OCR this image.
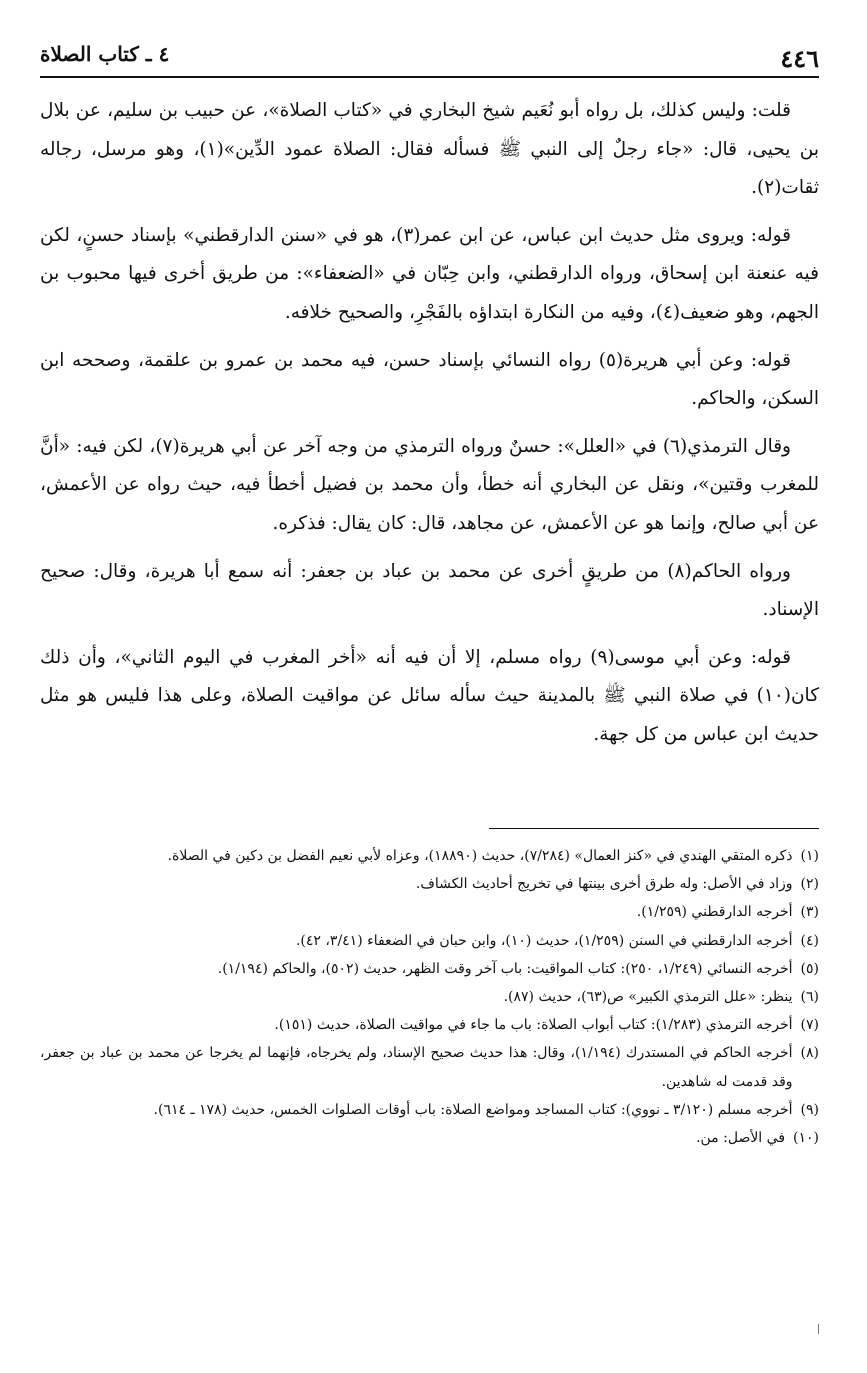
٤٤٦
٤ ـ كتاب الصلاة

قلت: وليس كذلك، بل رواه أبو نُعَيم شيخ البخاري في «كتاب الصلاة»، عن حبيب بن سليم، عن بلال بن يحيى، قال: «جاء رجلٌ إلى النبي ﷺ فسأله فقال: الصلاة عمود الدِّين»(١)، وهو مرسل، رجاله ثقات(٢).

قوله: ويروى مثل حديث ابن عباس، عن ابن عمر(٣)، هو في «سنن الدارقطني» بإسناد حسنٍ، لكن فيه عنعنة ابن إسحاق، ورواه الدارقطني، وابن حِبّان في «الضعفاء»: من طريق أخرى فيها محبوب بن الجهم، وهو ضعيف(٤)، وفيه من النكارة ابتداؤه بالفَجْرِ، والصحيح خلافه.

قوله: وعن أبي هريرة(٥) رواه النسائي بإسناد حسن، فيه محمد بن عمرو بن علقمة، وصححه ابن السكن، والحاكم.

وقال الترمذي(٦) في «العلل»: حسنٌ ورواه الترمذي من وجه آخر عن أبي هريرة(٧)، لكن فيه: «أنَّ للمغرب وقتين»، ونقل عن البخاري أنه خطأ، وأن محمد بن فضيل أخطأ فيه، حيث رواه عن الأعمش، عن أبي صالح، وإنما هو عن الأعمش، عن مجاهد، قال: كان يقال: فذكره.

ورواه الحاكم(٨) من طريقٍ أخرى عن محمد بن عباد بن جعفر: أنه سمع أبا هريرة، وقال: صحيح الإسناد.

قوله: وعن أبي موسى(٩) رواه مسلم، إلا أن فيه أنه «أخر المغرب في اليوم الثاني»، وأن ذلك كان(١٠) في صلاة النبي ﷺ بالمدينة حيث سأله سائل عن مواقيت الصلاة، وعلى هذا فليس هو مثل حديث ابن عباس من كل جهة.

(١)
ذكره المتقي الهندي في «كنز العمال» (٧/٢٨٤)، حديث (١٨٨٩٠)، وعزاه لأبي نعيم الفضل بن دكين في الصلاة.
(٢)
وزاد في الأصل: وله طرق أخرى بينتها في تخريج أحاديث الكشاف.
(٣)
أخرجه الدارقطني (١/٢٥٩).
(٤)
أخرجه الدارقطني في السنن (١/٢٥٩)، حديث (١٠)، وابن حبان في الضعفاء (٣/٤١، ٤٢).
(٥)
أخرجه النسائي (١/٢٤٩، ٢٥٠): كتاب المواقيت: باب آخر وقت الظهر، حديث (٥٠٢)، والحاكم (١/١٩٤).
(٦)
ينظر: «علل الترمذي الكبير» ص(٦٣)، حديث (٨٧).
(٧)
أخرجه الترمذي (١/٢٨٣): كتاب أبواب الصلاة: باب ما جاء في مواقيت الصلاة، حديث (١٥١).
(٨)
أخرجه الحاكم في المستدرك (١/١٩٤)، وقال: هذا حديث صحيح الإسناد، ولم يخرجاه، فإنهما لم يخرجا عن محمد بن عباد بن جعفر، وقد قدمت له شاهدين.
(٩)
أخرجه مسلم (٣/١٢٠ ـ نووي): كتاب المساجد ومواضع الصلاة: باب أوقات الصلوات الخمس، حديث (١٧٨ ـ ٦١٤).
(١٠)
في الأصل: من.
